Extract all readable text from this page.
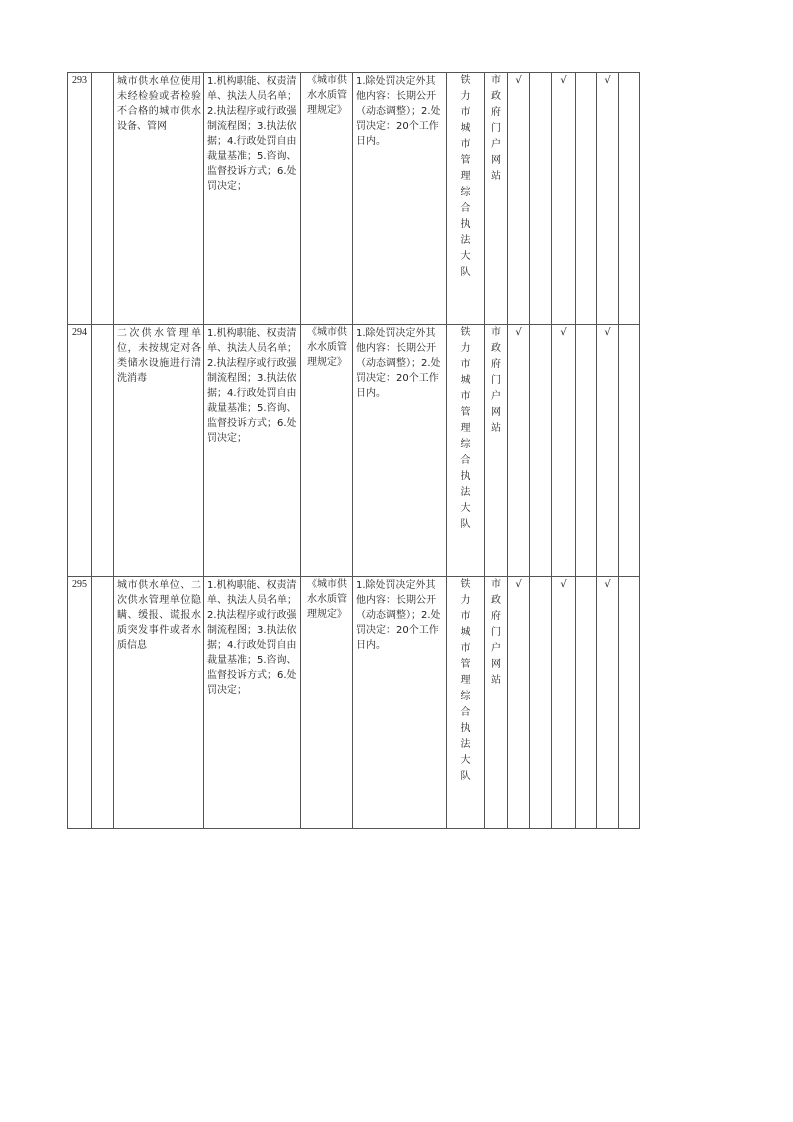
293		城市供水单位使用未经检验或者检验不合格的城市供水设备、管网	1.机构职能、权责清单、执法人员名单；2.执法程序或行政强制流程图；3.执法依据；4.行政处罚自由裁量基准；5.咨询、监督投诉方式；6.处罚决定；	《城市供水水质管理规定》	1.除处罚决定外其他内容：长期公开（动态调整）；2.处罚决定：20个工作日内。	铁力市城市管理综合执法大队	市政府门户网站	√		√		√	
294		二次供水管理单位，未按规定对各类储水设施进行清洗消毒	1.机构职能、权责清单、执法人员名单；2.执法程序或行政强制流程图；3.执法依据；4.行政处罚自由裁量基准；5.咨询、监督投诉方式；6.处罚决定；	《城市供水水质管理规定》	1.除处罚决定外其他内容：长期公开（动态调整）；2.处罚决定：20个工作日内。	铁力市城市管理综合执法大队	市政府门户网站	√		√		√	
295		城市供水单位、二次供水管理单位隐瞒、缓报、谎报水质突发事件或者水质信息	1.机构职能、权责清单、执法人员名单；2.执法程序或行政强制流程图；3.执法依据；4.行政处罚自由裁量基准；5.咨询、监督投诉方式；6.处罚决定；	《城市供水水质管理规定》	1.除处罚决定外其他内容：长期公开（动态调整）；2.处罚决定：20个工作日内。	铁力市城市管理综合执法大队	市政府门户网站	√		√		√	
